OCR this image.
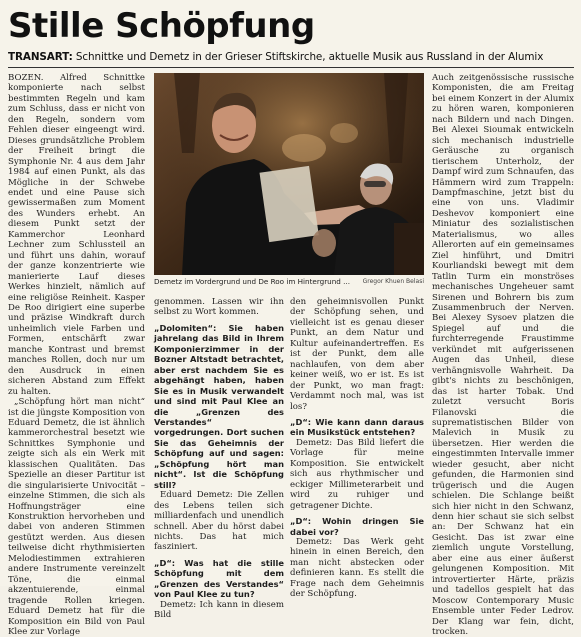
Stille Schöpfung
TRANSART: Schnittke und Demetz in der Grieser Stiftskirche, aktuelle Musik aus Russland in der Alumix

BOZEN. Alfred Schnittke komponierte nach selbst bestimmten Regeln und kam zum Schluss, dass er nicht von den Regeln, sondern vom Fehlen dieser eingeengt wird. Dieses grundsätzliche Problem der Freiheit bringt die Symphonie Nr. 4 aus dem Jahr 1984 auf einen Punkt, als das Mögliche in der Schwebe endet und eine Pause sich gewissermaßen zum Moment des Wunders erhebt. An diesem Punkt setzt der Kammerchor Leonhard Lechner zum Schlussteil an und führt uns dahin, worauf der ganze konzentrierte wie manierierte Lauf dieses Werkes hinzielt, nämlich auf eine religiöse Reinheit. Kasper De Roo dirigiert eine superbe und präzise Windkraft durch unheimlich viele Farben und Formen, entschärft zwar manche Kontrast und bremst manches Rollen, doch nur um den Ausdruck in einen sicheren Abstand zum Effekt zu halten.

„Schöpfung hört man nicht“ ist die jüngste Komposition von Eduard Demetz, die ist ähnlich kammerorchestral besetzt wie Schnittkes Symphonie und zeigte sich als ein Werk mit klassischen Qualitäten. Das Spezielle an dieser Partitur ist die singularisierte Univocität – einzelne Stimmen, die sich als Hoffnungsträger eine Konstruktion hervorheben und dabei von anderen Stimmen gestützt werden. Aus diesen teilweise dicht rhythmisierten Melodiestimmen extrahieren andere Instrumente vereinzelt Töne, die einmal akzentuierende, einmal tragende Rollen kriegen. Eduard Demetz hat für die Komposition ein Bild von Paul Klee zur Vorlage

Demetz im Vordergrund und De Roo im Hintergrund ... Gregor Khuen Belasi

genommen. Lassen wir ihn selbst zu Wort kommen.

„Dolomiten“: Sie haben jahrelang das Bild in Ihrem Komponierzimmer in der Bozner Altstadt betrachtet, aber erst nachdem Sie es abgehängt haben, haben Sie es in Musik verwandelt und sind mit Paul Klee an die „Grenzen des Verstandes“ vorgedrungen. Dort suchen Sie das Geheimnis der Schöpfung auf und sagen: „Schöpfung hört man nicht“. Ist die Schöpfung still?

Eduard Demetz: Die Zellen des Lebens teilen sich milliardenfach und unendlich schnell. Aber du hörst dabei nichts. Das hat mich fasziniert.

„D“: Was hat die stille Schöpfung mit dem „Grenzen des Verstandes“ von Paul Klee zu tun?

Demetz: Ich kann in diesem Bild

den geheimnisvollen Punkt der Schöpfung sehen, und vielleicht ist es genau dieser Punkt, an dem Natur und Kultur aufeinandertreffen. Es ist der Punkt, dem alle nachlaufen, von dem aber keiner weiß, wo er ist. Es ist der Punkt, wo man fragt: Verdammt noch mal, was ist los?

„D“: Wie kann dann daraus ein Musikstück entstehen?

Demetz: Das Bild liefert die Vorlage für meine Komposition. Sie entwickelt sich aus rhythmischer und eckiger Millimeterarbeit und wird zu ruhiger und getragener Dichte.

„D“: Wohin dringen Sie dabei vor?

Demetz: Das Werk geht hinein in einen Bereich, den man nicht abstecken oder definieren kann. Es stellt die Frage nach dem Geheimnis der Schöpfung.

Auch zeitgenössische russische Komponisten, die am Freitag bei einem Konzert in der Alumix zu hören waren, komponieren nach Bildern und nach Dingen. Bei Alexei Sioumak entwickeln sich mechanisch industrielle Geräusche zu organisch tierischem Unterholz, der Dampf wird zum Schnaufen, das Hämmern wird zum Trappeln: Dampfmaschine, jetzt bist du eine von uns. Vladimir Deshevov komponiert eine Miniatur des sozialistischen Materialismus, wo alles Allerorten auf ein gemeinsames Ziel hinführt, und Dmitri Kourliandski bewegt mit dem Tatlin Turm ein monströses mechanisches Ungeheuer samt Sirenen und Bohrern bis zum Zusammenbruch der Nerven. Bei Alexey Sysoev platzen die Spiegel auf und die furchterregende Fraustimme verkündet mit aufgerissenen Augen das Unheil, diese verhängnisvolle Wahrheit. Da gibt's nichts zu beschönigen, das ist harter Tobak. Und zuletzt versucht Boris Filanovski die suprematistischen Bilder von Malevich in Musik zu übersetzen. Hier werden die eingestimmten Intervalle immer wieder gesucht, aber nicht gefunden, die Harmonien sind trügerisch und die Augen schielen. Die Schlange beißt sich hier nicht in den Schwanz, denn hier schaut sie sich selbst an: Der Schwanz hat ein Gesicht. Das ist zwar eine ziemlich ungute Vorstellung, aber eine aus einer äußerst gelungenen Komposition. Mit introvertierter Härte, präzis und tadellos gespielt hat das Moscow Contemporary Music Ensemble unter Feder Ledrov. Der Klang war fein, dicht, trocken.
